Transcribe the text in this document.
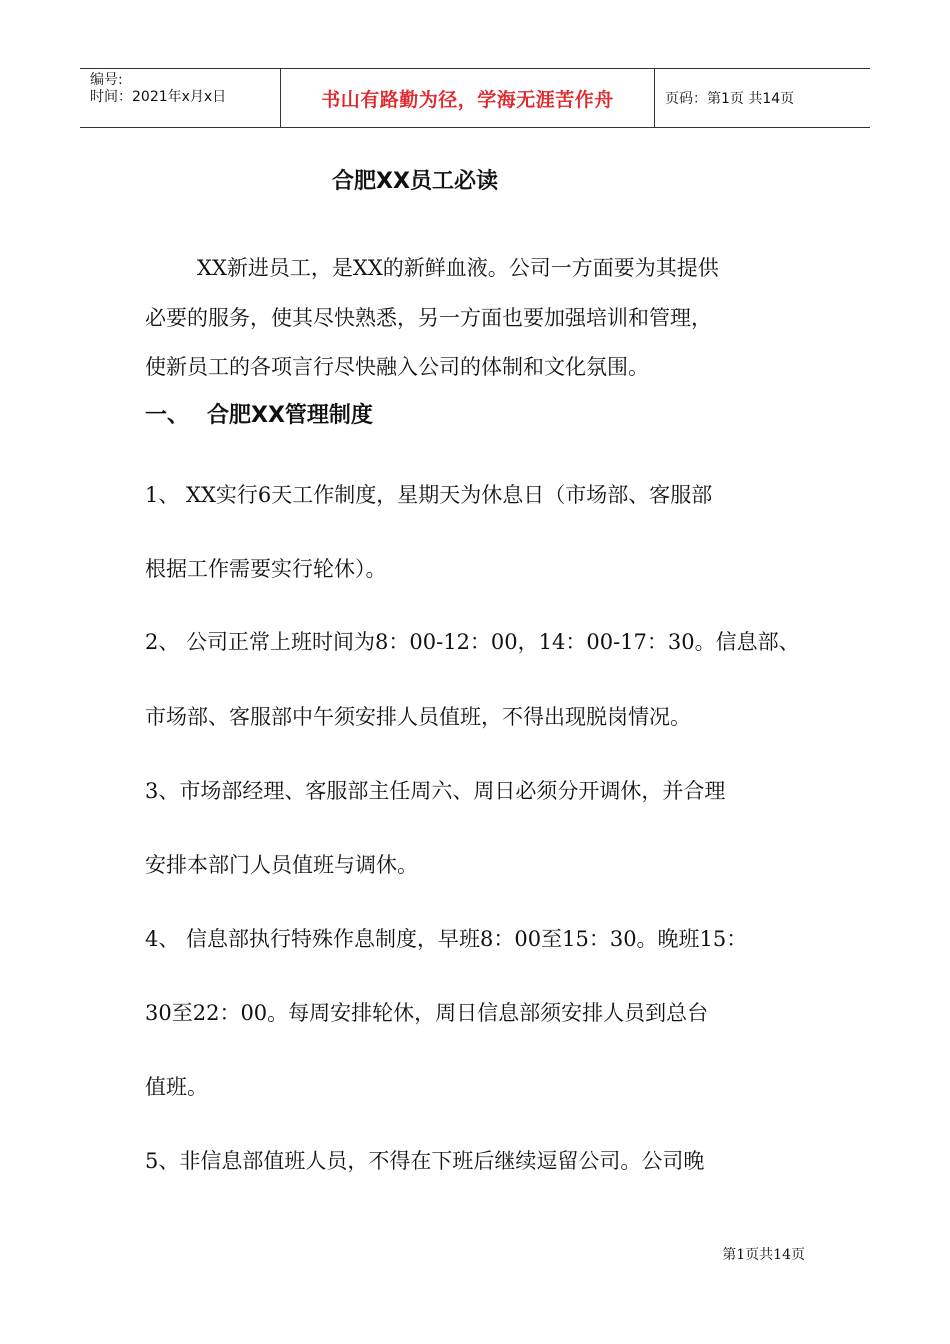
编号:
时间：2021年x月x日	书山有路勤为径，学海无涯苦作舟	页码：第1页 共14页
合肥XX员工必读

XX新进员工，是XX的新鲜血液。公司一方面要为其提供

必要的服务，使其尽快熟悉，另一方面也要加强培训和管理，

使新员工的各项言行尽快融入公司的体制和文化氛围。

一、 合肥XX管理制度

1、 XX实行6天工作制度，星期天为休息日（市场部、客服部

根据工作需要实行轮休）。

2、 公司正常上班时间为8：00-12：00，14：00-17：30。信息部、

市场部、客服部中午须安排人员值班，不得出现脱岗情况。

3、市场部经理、客服部主任周六、周日必须分开调休，并合理

安排本部门人员值班与调休。

4、 信息部执行特殊作息制度，早班8：00至15：30。晚班15：

30至22：00。每周安排轮休，周日信息部须安排人员到总台

值班。

5、非信息部值班人员，不得在下班后继续逗留公司。公司晚

第1页共14页
